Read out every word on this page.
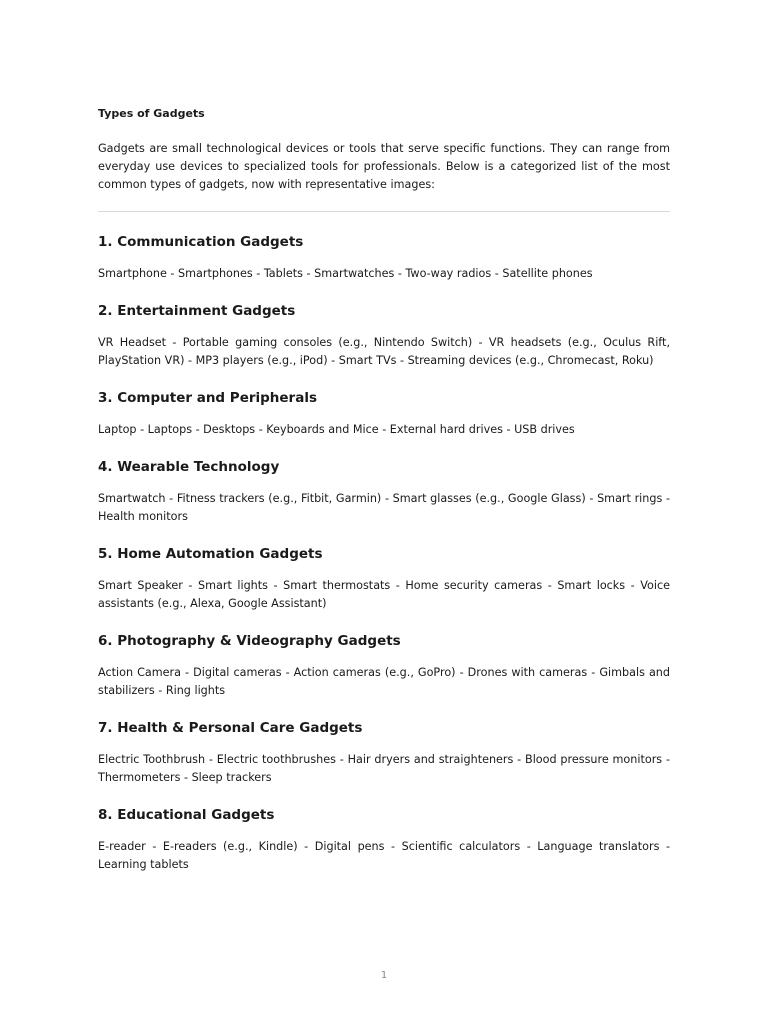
Types of Gadgets

Gadgets are small technological devices or tools that serve specific functions. They can range from everyday use devices to specialized tools for professionals. Below is a categorized list of the most common types of gadgets, now with representative images:

1. Communication Gadgets

Smartphone - Smartphones - Tablets - Smartwatches - Two-way radios - Satellite phones

2. Entertainment Gadgets

VR Headset - Portable gaming consoles (e.g., Nintendo Switch) - VR headsets (e.g., Oculus Rift, PlayStation VR) - MP3 players (e.g., iPod) - Smart TVs - Streaming devices (e.g., Chromecast, Roku)

3. Computer and Peripherals

Laptop - Laptops - Desktops - Keyboards and Mice - External hard drives - USB drives

4. Wearable Technology

Smartwatch - Fitness trackers (e.g., Fitbit, Garmin) - Smart glasses (e.g., Google Glass) - Smart rings - Health monitors

5. Home Automation Gadgets

Smart Speaker - Smart lights - Smart thermostats - Home security cameras - Smart locks - Voice assistants (e.g., Alexa, Google Assistant)

6. Photography & Videography Gadgets

Action Camera - Digital cameras - Action cameras (e.g., GoPro) - Drones with cameras - Gimbals and stabilizers - Ring lights

7. Health & Personal Care Gadgets

Electric Toothbrush - Electric toothbrushes - Hair dryers and straighteners - Blood pressure monitors - Thermometers - Sleep trackers

8. Educational Gadgets

E-reader - E-readers (e.g., Kindle) - Digital pens - Scientific calculators - Language translators - Learning tablets

1
